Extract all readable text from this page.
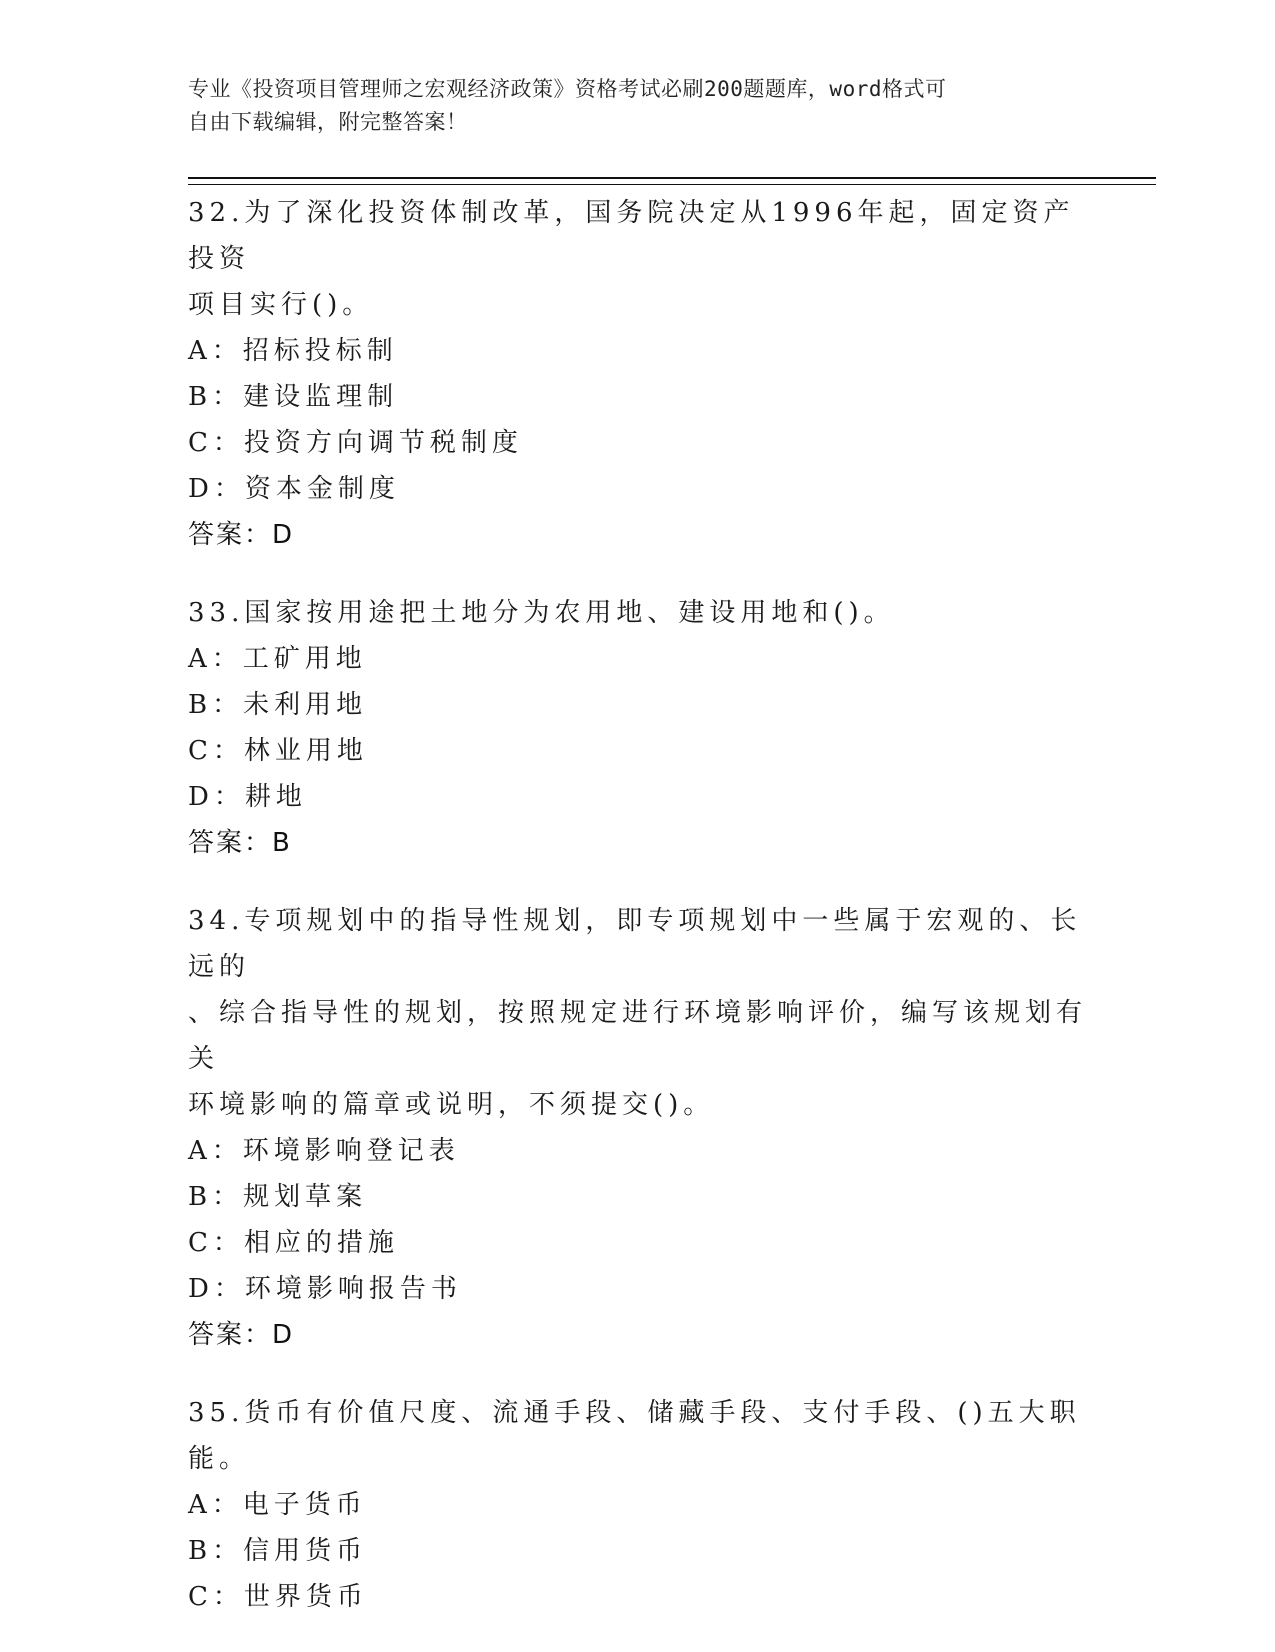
专业《投资项目管理师之宏观经济政策》资格考试必刷200题题库，word格式可
自由下载编辑，附完整答案！
32.为了深化投资体制改革，国务院决定从1996年起，固定资产投资
项目实行()。
A：招标投标制
B：建设监理制
C：投资方向调节税制度
D：资本金制度
答案：D
33.国家按用途把土地分为农用地、建设用地和()。
A：工矿用地
B：未利用地
C：林业用地
D：耕地
答案：B
34.专项规划中的指导性规划，即专项规划中一些属于宏观的、长远的
、综合指导性的规划，按照规定进行环境影响评价，编写该规划有关
环境影响的篇章或说明，不须提交()。
A：环境影响登记表
B：规划草案
C：相应的措施
D：环境影响报告书
答案：D
35.货币有价值尺度、流通手段、储藏手段、支付手段、()五大职能。
A：电子货币
B：信用货币
C：世界货币
